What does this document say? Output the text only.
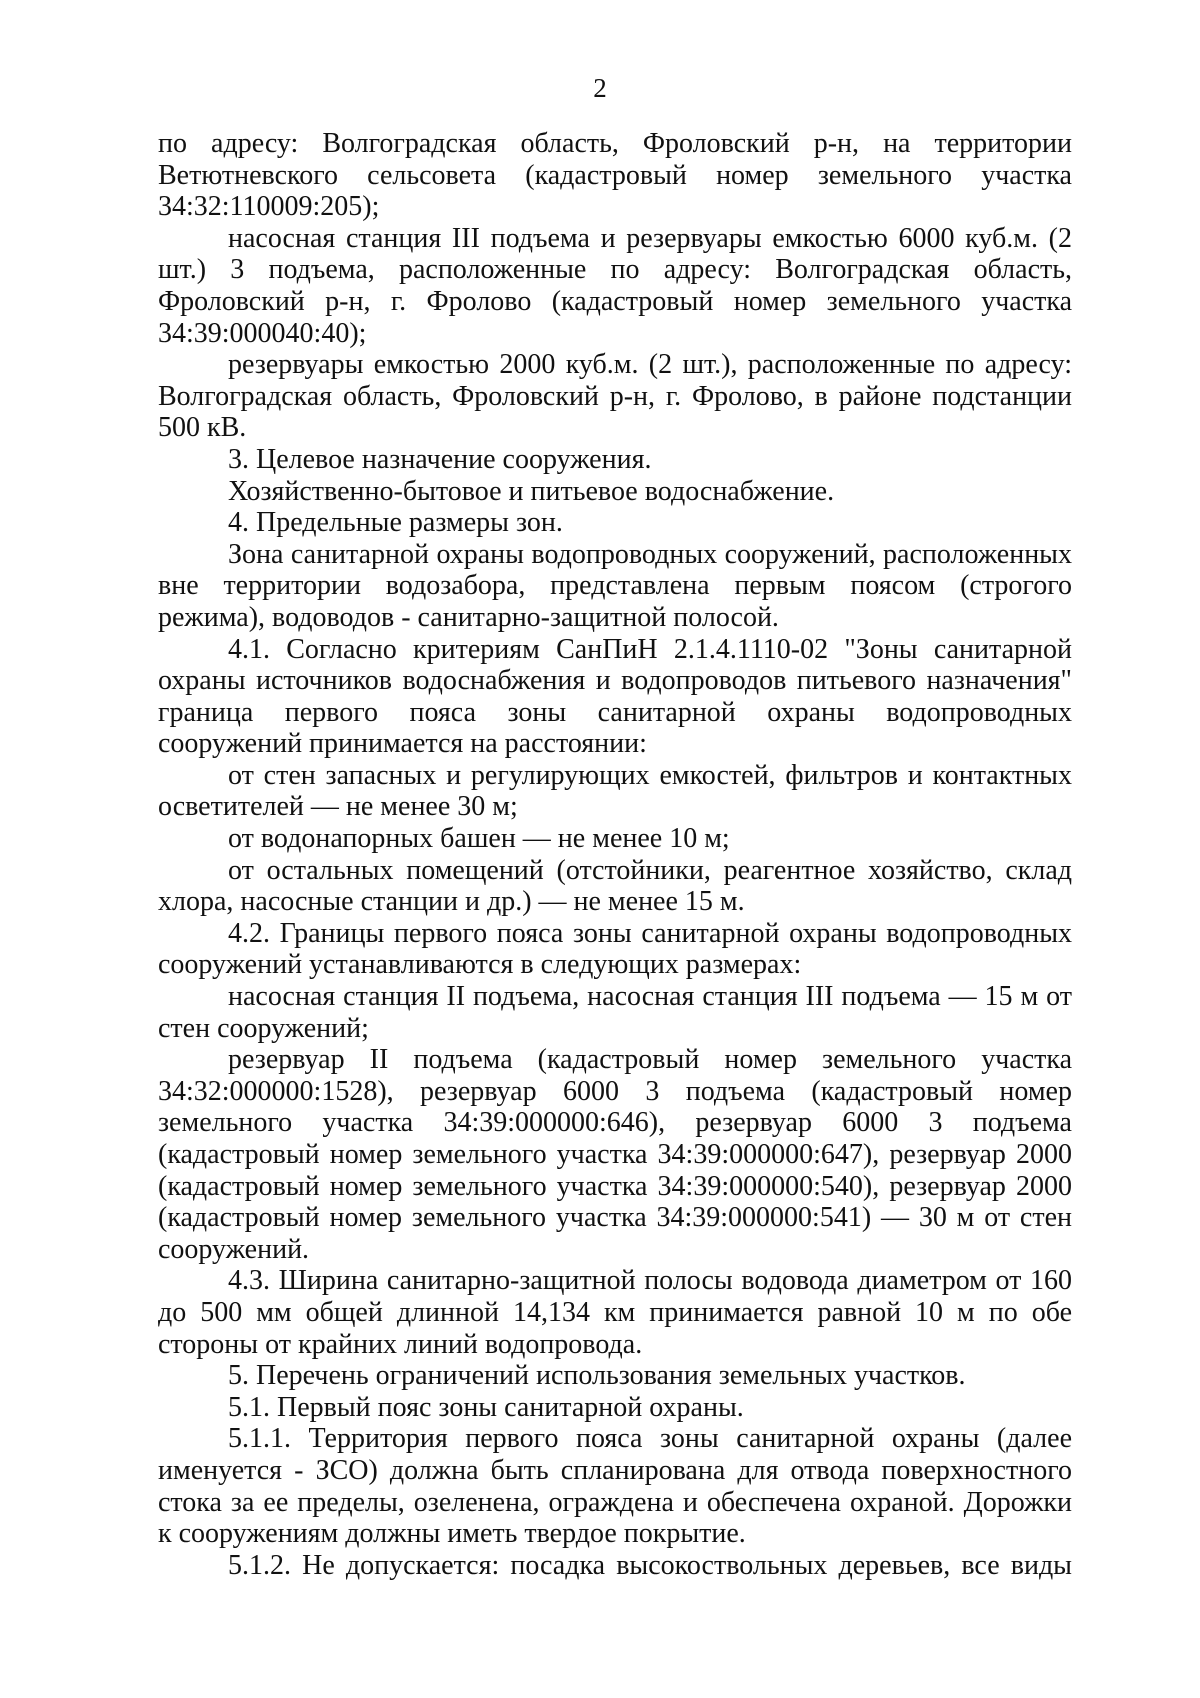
2

по адресу: Волгоградская область, Фроловский р-н, на территории Ветютневского сельсовета (кадастровый номер земельного участка 34:32:110009:205);

насосная станция III подъема и резервуары емкостью 6000 куб.м. (2 шт.) 3 подъема, расположенные по адресу: Волгоградская область, Фроловский р-н, г. Фролово (кадастровый номер земельного участка 34:39:000040:40);

резервуары емкостью 2000 куб.м. (2 шт.), расположенные по адресу: Волгоградская область, Фроловский р-н, г. Фролово, в районе подстанции 500 кВ.

3. Целевое назначение сооружения.

Хозяйственно-бытовое и питьевое водоснабжение.

4. Предельные размеры зон.

Зона санитарной охраны водопроводных сооружений, расположенных вне территории водозабора, представлена первым поясом (строгого режима), водоводов - санитарно-защитной полосой.

4.1. Согласно критериям СанПиН 2.1.4.1110-02 "Зоны санитарной охраны источников водоснабжения и водопроводов питьевого назначения" граница первого пояса зоны санитарной охраны водопроводных сооружений принимается на расстоянии:

от стен запасных и регулирующих емкостей, фильтров и контактных осветителей — не менее 30 м;

от водонапорных башен — не менее 10 м;

от остальных помещений (отстойники, реагентное хозяйство, склад хлора, насосные станции и др.) — не менее 15 м.

4.2. Границы первого пояса зоны санитарной охраны водопроводных сооружений устанавливаются в следующих размерах:

насосная станция II подъема, насосная станция III подъема — 15 м от стен сооружений;

резервуар II подъема (кадастровый номер земельного участка 34:32:000000:1528), резервуар 6000 3 подъема (кадастровый номер земельного участка 34:39:000000:646), резервуар 6000 3 подъема (кадастровый номер земельного участка 34:39:000000:647), резервуар 2000 (кадастровый номер земельного участка 34:39:000000:540), резервуар 2000 (кадастровый номер земельного участка 34:39:000000:541) — 30 м от стен сооружений.

4.3. Ширина санитарно-защитной полосы водовода диаметром от 160 до 500 мм общей длинной 14,134 км принимается равной 10 м по обе стороны от крайних линий водопровода.

5. Перечень ограничений использования земельных участков.

5.1. Первый пояс зоны санитарной охраны.

5.1.1. Территория первого пояса зоны санитарной охраны (далее именуется - ЗСО) должна быть спланирована для отвода поверхностного стока за ее пределы, озеленена, ограждена и обеспечена охраной. Дорожки к сооружениям должны иметь твердое покрытие.

5.1.2. Не допускается: посадка высокоствольных деревьев, все виды
